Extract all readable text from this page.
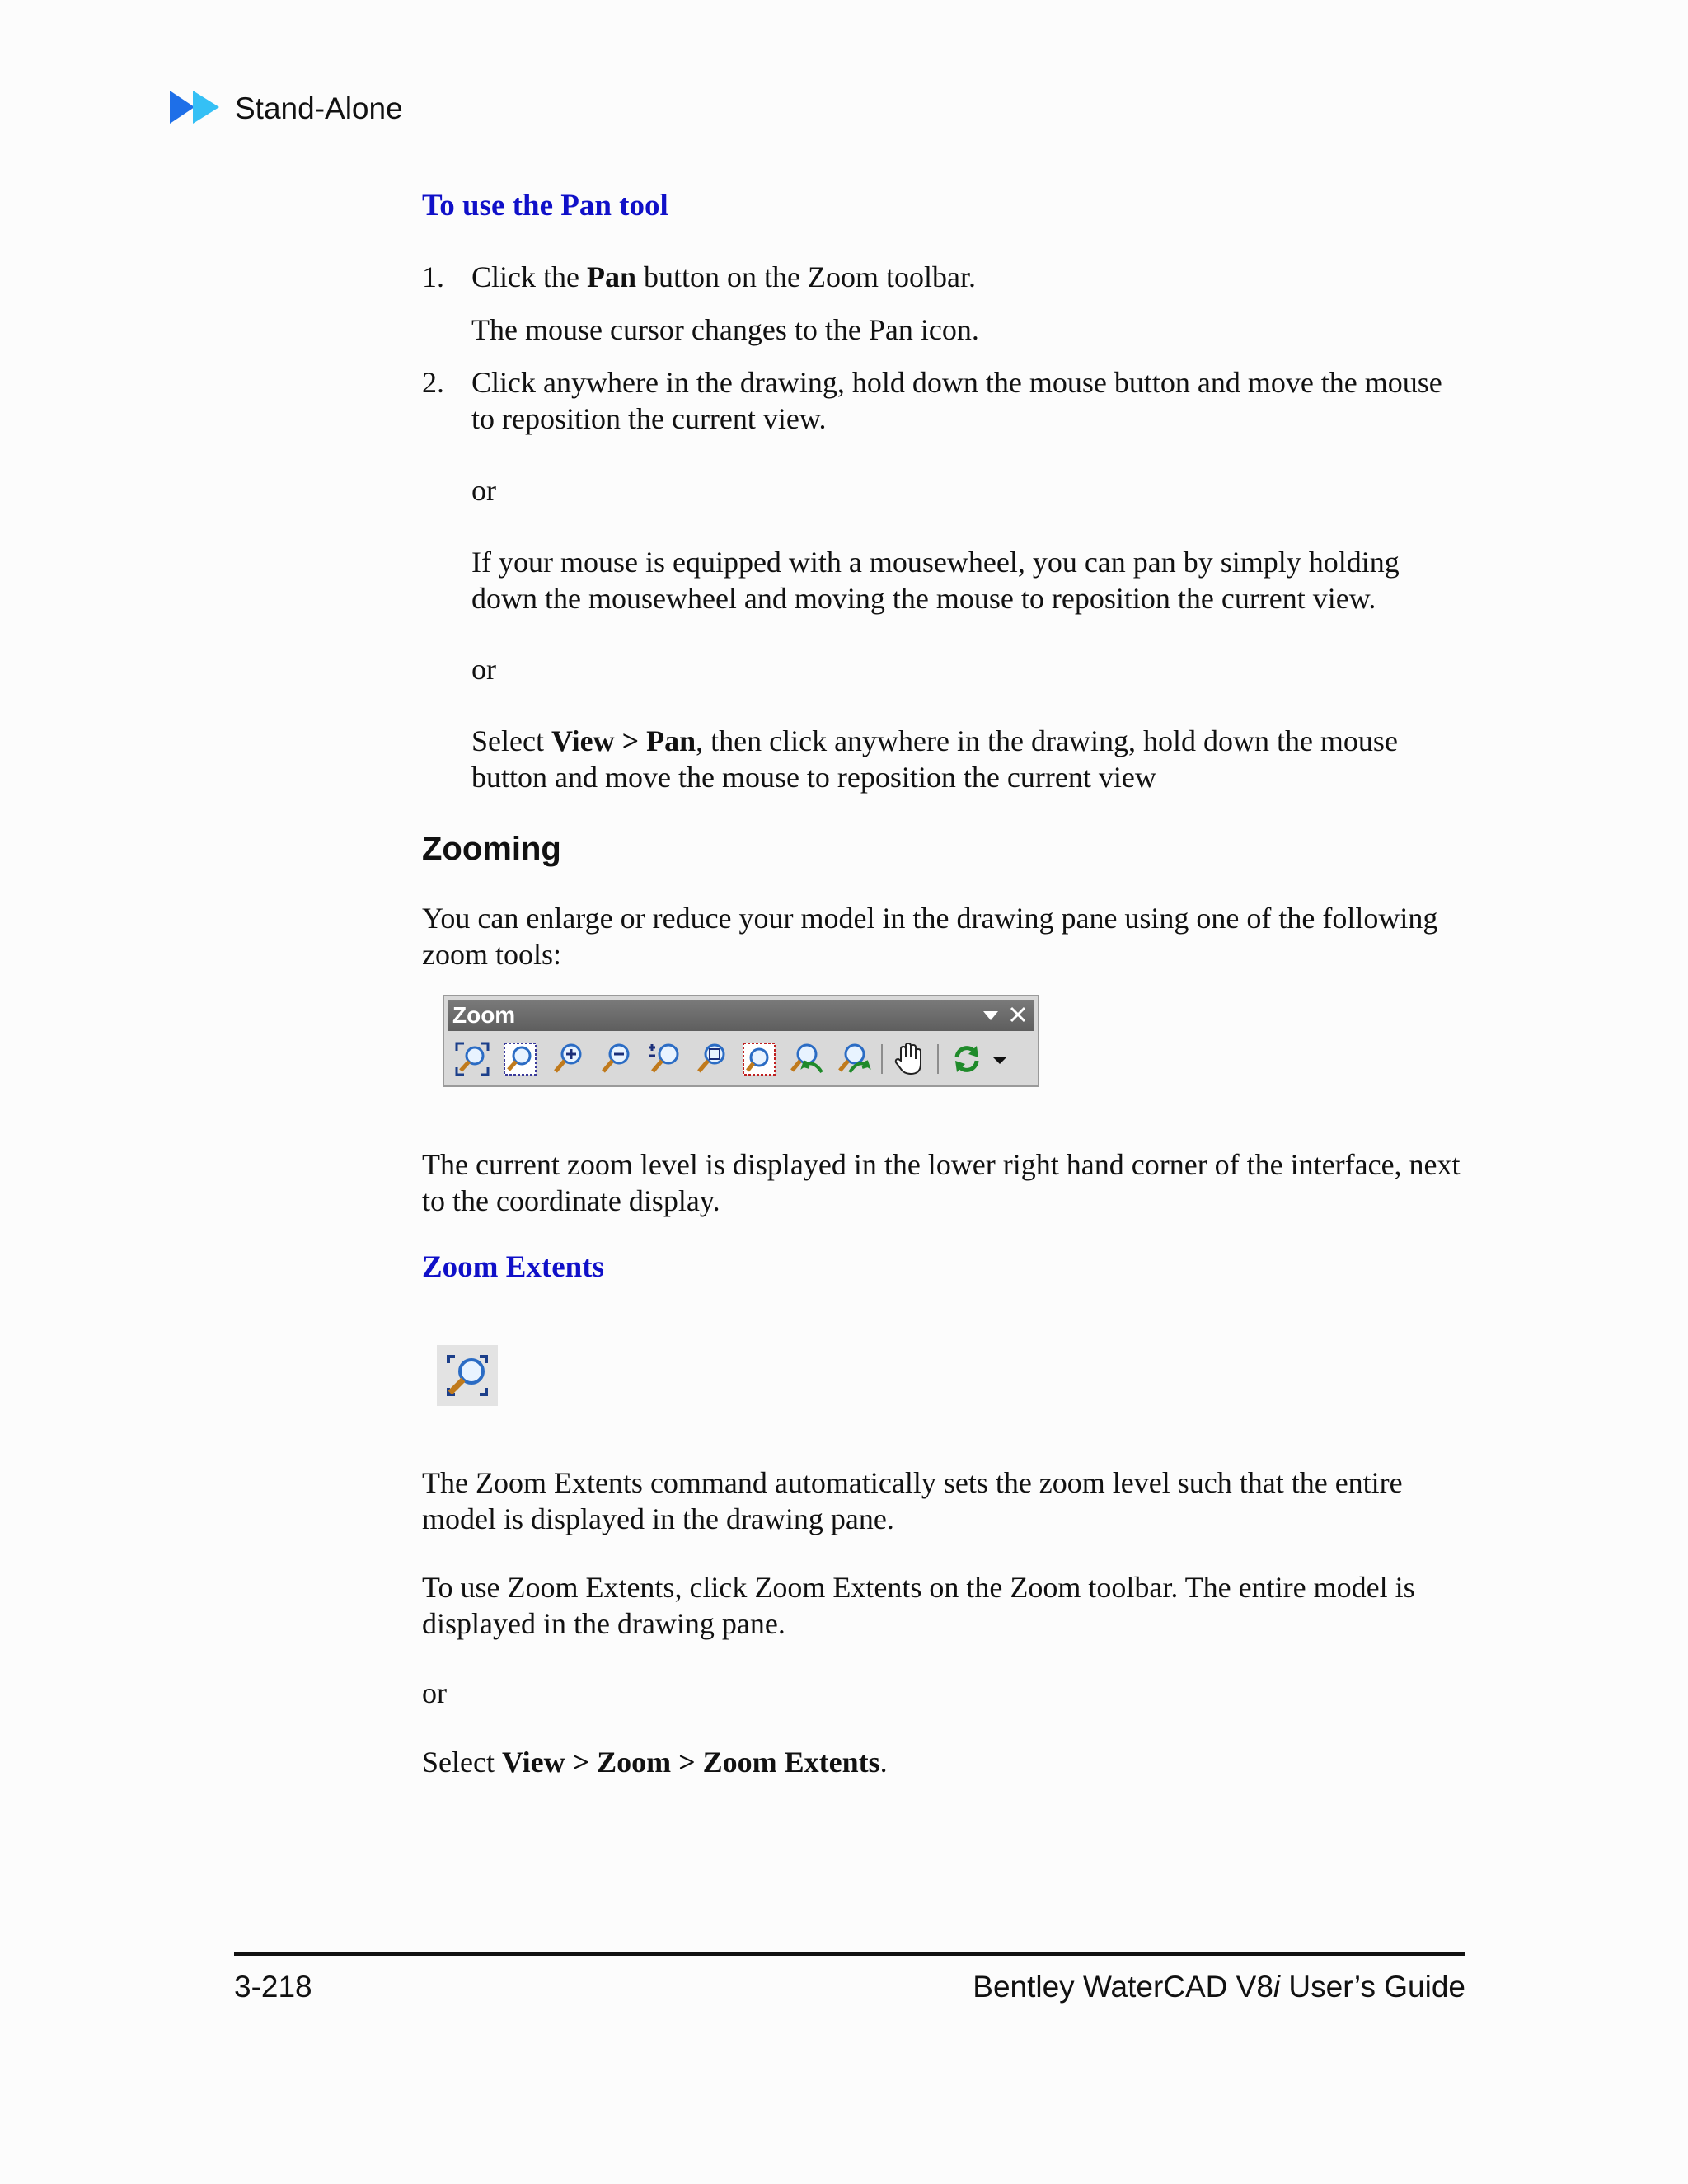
Stand-Alone
To use the Pan tool
1. Click the Pan button on the Zoom toolbar.
The mouse cursor changes to the Pan icon.
2. Click anywhere in the drawing, hold down the mouse button and move the mouse to reposition the current view.
or
If your mouse is equipped with a mousewheel, you can pan by simply holding down the mousewheel and moving the mouse to reposition the current view.
or
Select View > Pan, then click anywhere in the drawing, hold down the mouse button and move the mouse to reposition the current view
Zooming
You can enlarge or reduce your model in the drawing pane using one of the following zoom tools:
The current zoom level is displayed in the lower right hand corner of the interface, next to the coordinate display.
Zoom Extents
The Zoom Extents command automatically sets the zoom level such that the entire model is displayed in the drawing pane.
To use Zoom Extents, click Zoom Extents on the Zoom toolbar. The entire model is displayed in the drawing pane.
or
Select View > Zoom > Zoom Extents.
Zoom
3-218	Bentley WaterCAD V8i User’s Guide
